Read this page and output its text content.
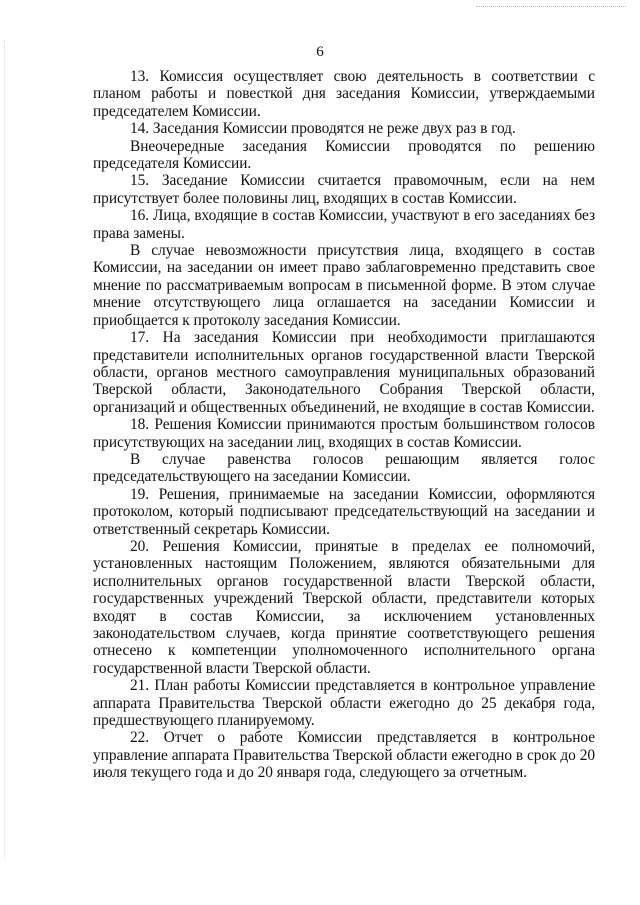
6

13. Комиссия осуществляет свою деятельность в соответствии с планом работы и повесткой дня заседания Комиссии, утверждаемыми председателем Комиссии.

14. Заседания Комиссии проводятся не реже двух раз в год.

Внеочередные заседания Комиссии проводятся по решению председателя Комиссии.

15. Заседание Комиссии считается правомочным, если на нем присутствует более половины лиц, входящих в состав Комиссии.

16. Лица, входящие в состав Комиссии, участвуют в его заседаниях без права замены.

В случае невозможности присутствия лица, входящего в состав Комиссии, на заседании он имеет право заблаговременно представить свое мнение по рассматриваемым вопросам в письменной форме. В этом случае мнение отсутствующего лица оглашается на заседании Комиссии и приобщается к протоколу заседания Комиссии.

17. На заседания Комиссии при необходимости приглашаются представители исполнительных органов государственной власти Тверской области, органов местного самоуправления муниципальных образований Тверской области, Законодательного Собрания Тверской области, организаций и общественных объединений, не входящие в состав Комиссии.

18. Решения Комиссии принимаются простым большинством голосов присутствующих на заседании лиц, входящих в состав Комиссии.

В случае равенства голосов решающим является голос председательствующего на заседании Комиссии.

19. Решения, принимаемые на заседании Комиссии, оформляются протоколом, который подписывают председательствующий на заседании и ответственный секретарь Комиссии.

20. Решения Комиссии, принятые в пределах ее полномочий, установленных настоящим Положением, являются обязательными для исполнительных органов государственной власти Тверской области, государственных учреждений Тверской области, представители которых входят в состав Комиссии, за исключением установленных законодательством случаев, когда принятие соответствующего решения отнесено к компетенции уполномоченного исполнительного органа государственной власти Тверской области.

21. План работы Комиссии представляется в контрольное управление аппарата Правительства Тверской области ежегодно до 25 декабря года, предшествующего планируемому.

22. Отчет о работе Комиссии представляется в контрольное управление аппарата Правительства Тверской области ежегодно в срок до 20 июля текущего года и до 20 января года, следующего за отчетным.
